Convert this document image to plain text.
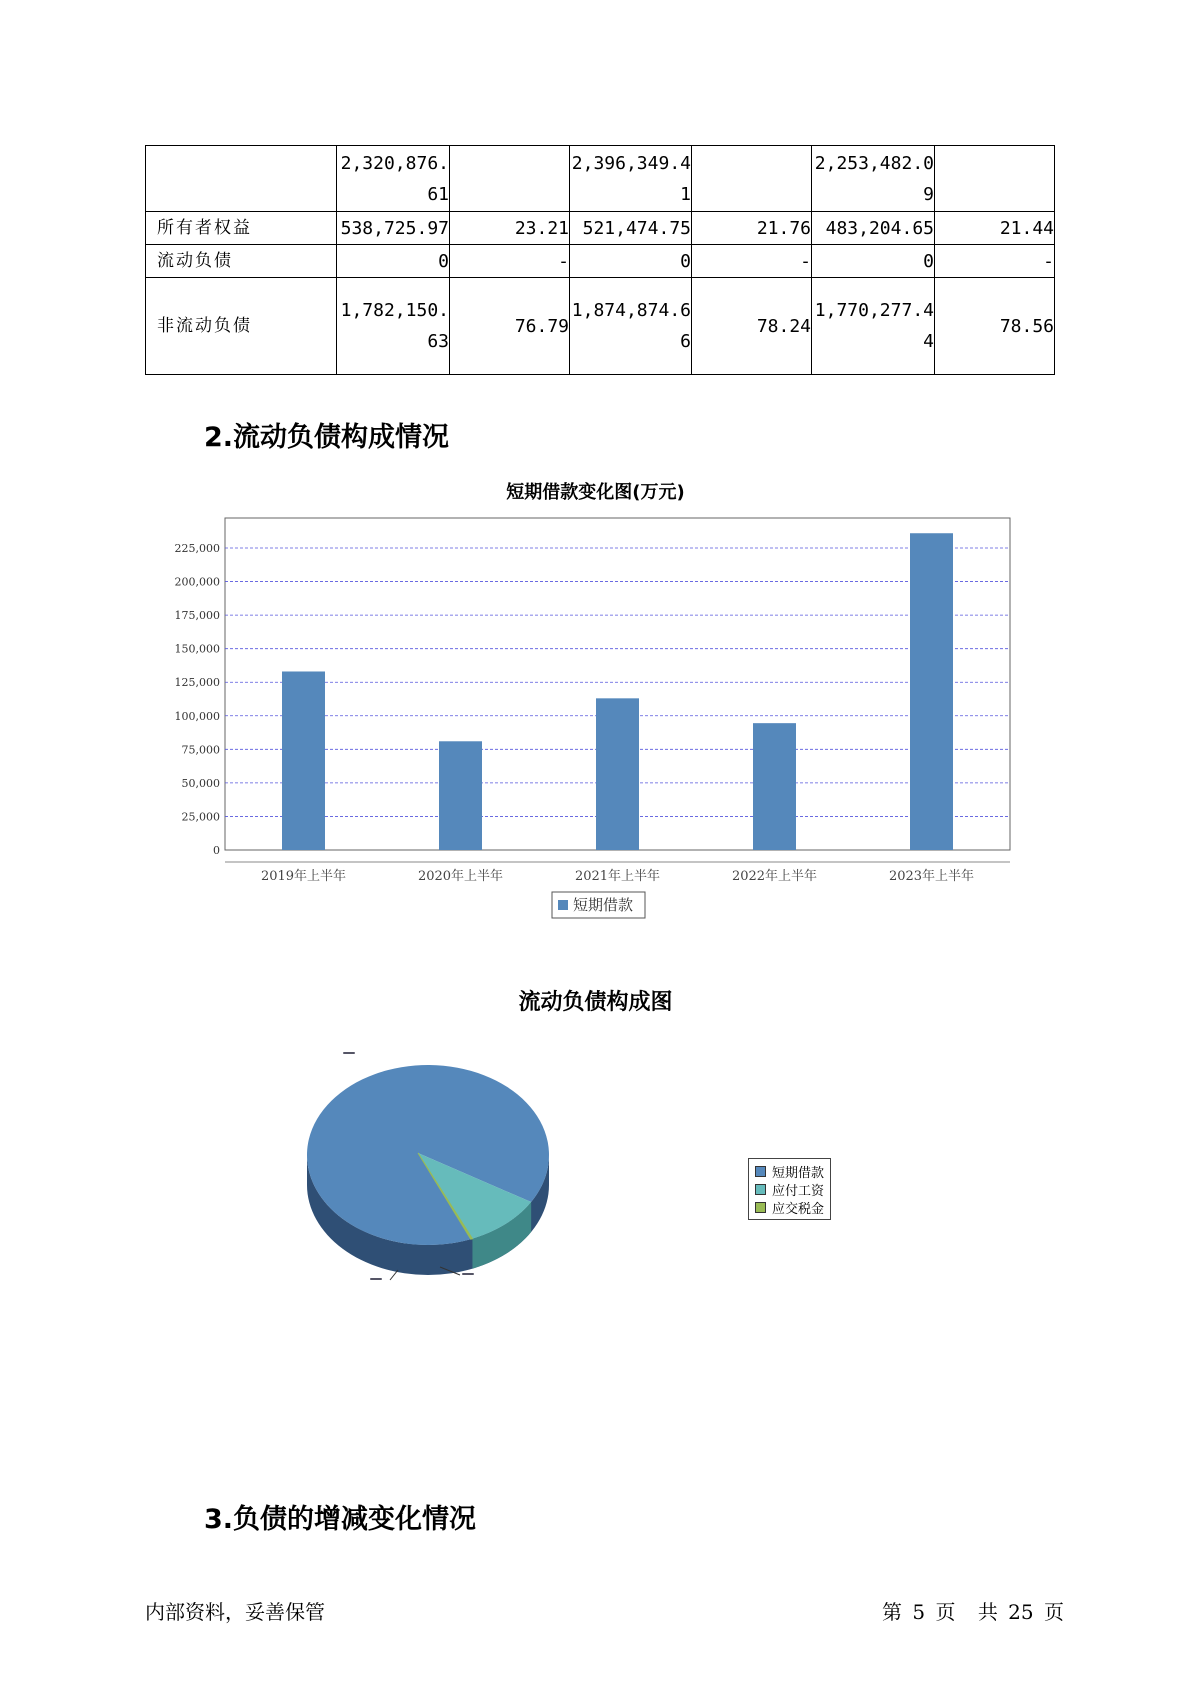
	2,320,876.61		2,396,349.41		2,253,482.09	
所有者权益	538,725.97	23.21	521,474.75	21.76	483,204.65	21.44
流动负债	0	-	0	-	0	-
非流动负债	1,782,150.63	76.79	1,874,874.66	78.24	1,770,277.44	78.56
2.流动负债构成情况
短期借款变化图(万元)
0
25,000
50,000
75,000
100,000
125,000
150,000
175,000
200,000
225,000
2019年上半年	2020年上半年	2021年上半年	2022年上半年	2023年上半年
短期借款
流动负债构成图
短期借款
应付工资
应交税金
3.负债的增减变化情况
内部资料，妥善保管	第 5 页 共 25 页
